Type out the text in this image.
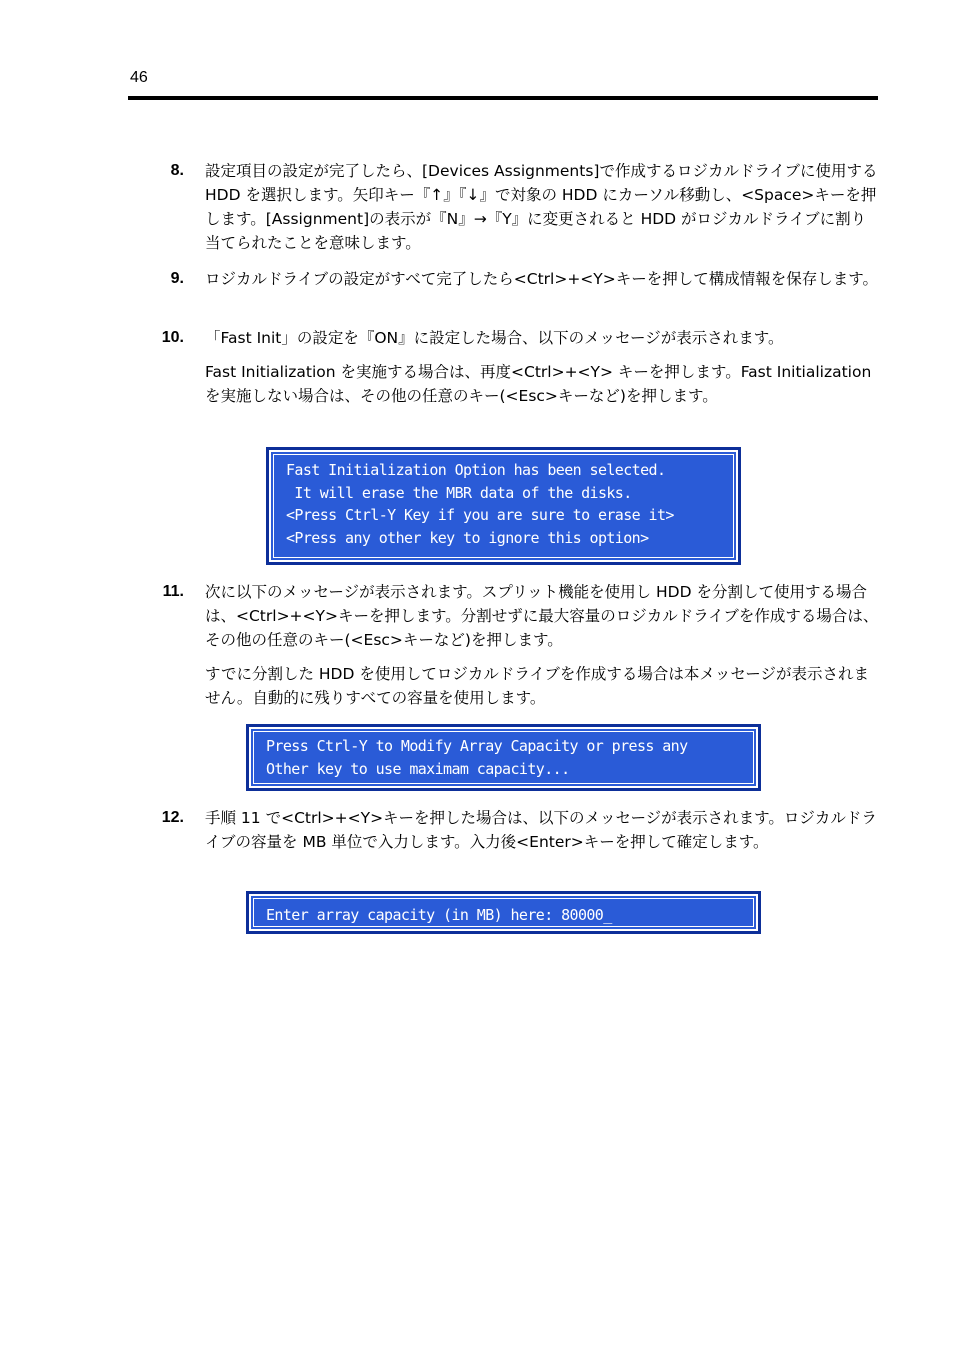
46
8. 設定項目の設定が完了したら、[Devices Assignments]で作成するロジカルドライブに使用する HDD を選択します。矢印キー『↑』『↓』で対象の HDD にカーソル移動し、<Space>キーを押します。[Assignment]の表示が『N』→『Y』に変更されると HDD がロジカルドライブに割り当てられたことを意味します。
9. ロジカルドライブの設定がすべて完了したら<Ctrl>+<Y>キーを押して構成情報を保存します。
10. 「Fast Init」の設定を『ON』に設定した場合、以下のメッセージが表示されます。
Fast Initialization を実施する場合は、再度<Ctrl>+<Y> キーを押します。Fast Initialization を実施しない場合は、その他の任意のキー(<Esc>キーなど)を押します。
Fast Initialization Option has been selected.
It will erase the MBR data of the disks.
<Press Ctrl-Y Key if you are sure to erase it>
<Press any other key to ignore this option>
11. 次に以下のメッセージが表示されます。スプリット機能を使用し HDD を分割して使用する場合は、<Ctrl>+<Y>キーを押します。分割せずに最大容量のロジカルドライブを作成する場合は、その他の任意のキー(<Esc>キーなど)を押します。
すでに分割した HDD を使用してロジカルドライブを作成する場合は本メッセージが表示されません。自動的に残りすべての容量を使用します。
Press Ctrl-Y to Modify Array Capacity or press any
Other key to use maximam capacity...
12. 手順 11 で<Ctrl>+<Y>キーを押した場合は、以下のメッセージが表示されます。ロジカルドライブの容量を MB 単位で入力します。入力後<Enter>キーを押して確定します。
Enter array capacity (in MB) here: 80000_
